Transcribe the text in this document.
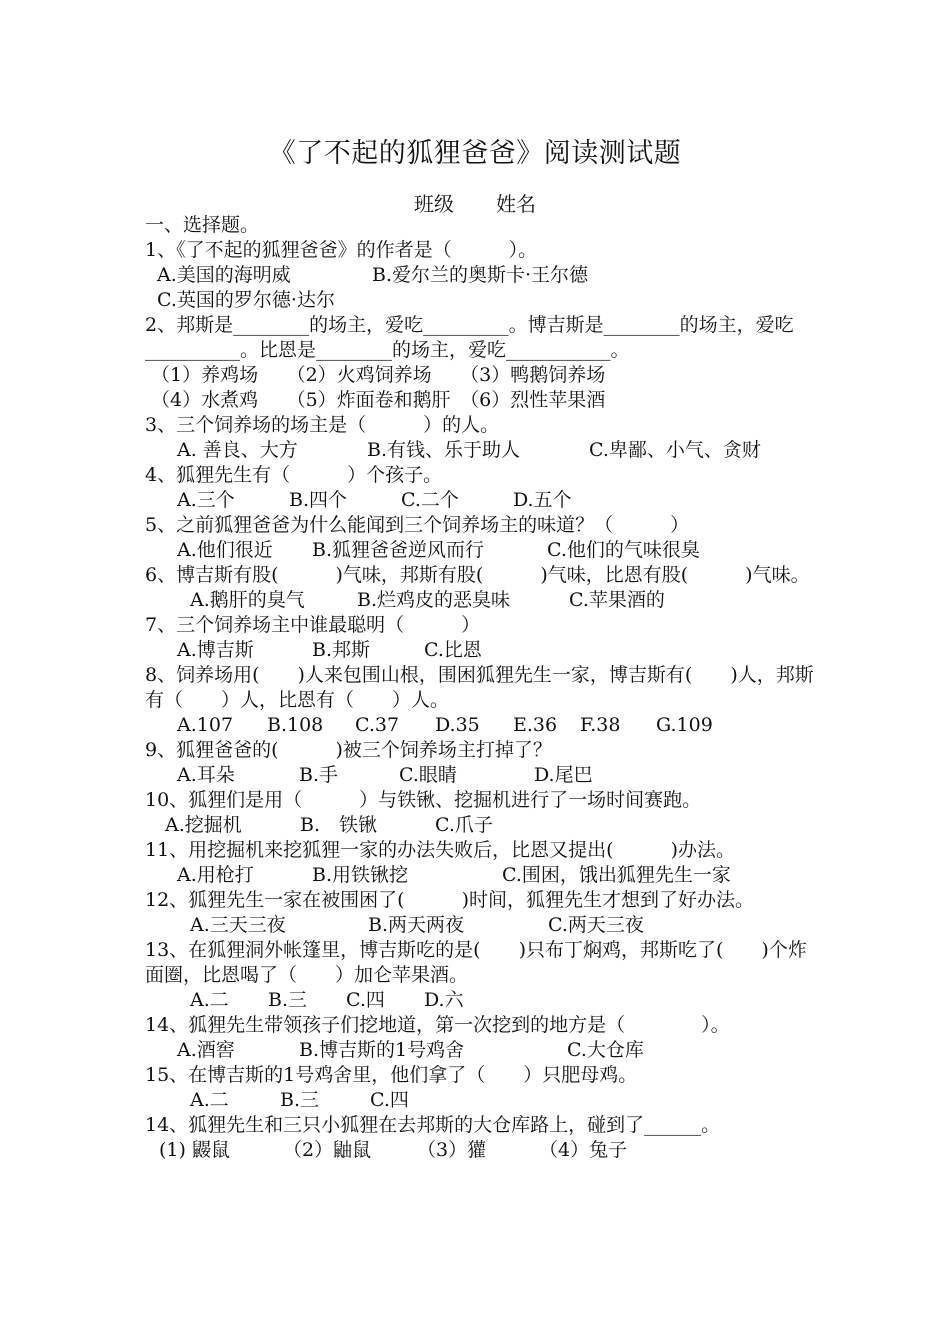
《了不起的狐狸爸爸》阅读测试题
班级 姓名
一、选择题。
1、《了不起的狐狸爸爸》的作者是（　　　）。
A.美国的海明威	B.爱尔兰的奥斯卡·王尔德
C.英国的罗尔德·达尔
2、邦斯是________的场主，爱吃_________。博吉斯是________的场主，爱吃__________。比恩是________的场主，爱吃___________。
（1）养鸡场　　（2）火鸡饲养场　　（3）鸭鹅饲养场
（4）水煮鸡　　（5）炸面卷和鹅肝　（6）烈性苹果酒
3、三个饲养场的场主是（　　　）的人。
A. 善良、大方	B.有钱、乐于助人	C.卑鄙、小气、贪财
4、狐狸先生有（　　　）个孩子。
A.三个	B.四个	C.二个	D.五个
5、之前狐狸爸爸为什么能闻到三个饲养场主的味道？（　　　）
A.他们很近 B.狐狸爸爸逆风而行	C.他们的气味很臭
6、博吉斯有股(　　　)气味，邦斯有股(　　　)气味，比恩有股(　　　)气味。
A.鹅肝的臭气	B.烂鸡皮的恶臭味	C.苹果酒的
7、三个饲养场主中谁最聪明（　　　）
A.博吉斯	B.邦斯	C.比恩
8、饲养场用(　　)人来包围山根，围困狐狸先生一家，博吉斯有(　　)人，邦斯有（　　）人，比恩有（　　）人。
A.107 B.108 C.37 D.35 E.36 F.38 G.109
9、狐狸爸爸的(　　　)被三个饲养场主打掉了？
A.耳朵	B.手	C.眼睛	D.尾巴
10、狐狸们是用（　　　）与铁锹、挖掘机进行了一场时间赛跑。
A.挖掘机	B.　铁锹	C.爪子
11、用挖掘机来挖狐狸一家的办法失败后，比恩又提出(　　　)办法。
A.用枪打	B.用铁锹挖	C.围困，饿出狐狸先生一家
12、狐狸先生一家在被围困了(　　　)时间，狐狸先生才想到了好办法。
A.三天三夜	B.两天两夜	C.两天三夜
13、在狐狸洞外帐篷里，博吉斯吃的是(　　)只布丁焖鸡，邦斯吃了(　　)个炸面圈，比恩喝了（　　）加仑苹果酒。
A.二 B.三 C.四 D.六
14、狐狸先生带领孩子们挖地道，第一次挖到的地方是（　　　　）。
A.酒窖	B.博吉斯的1号鸡舍	C.大仓库
15、在博吉斯的1号鸡舍里，他们拿了（　　）只肥母鸡。
A.二	B.三	C.四
14、狐狸先生和三只小狐狸在去邦斯的大仓库路上，碰到了______。
(1) 鼹鼠	（2）鼬鼠 （3）獾	（4）兔子
